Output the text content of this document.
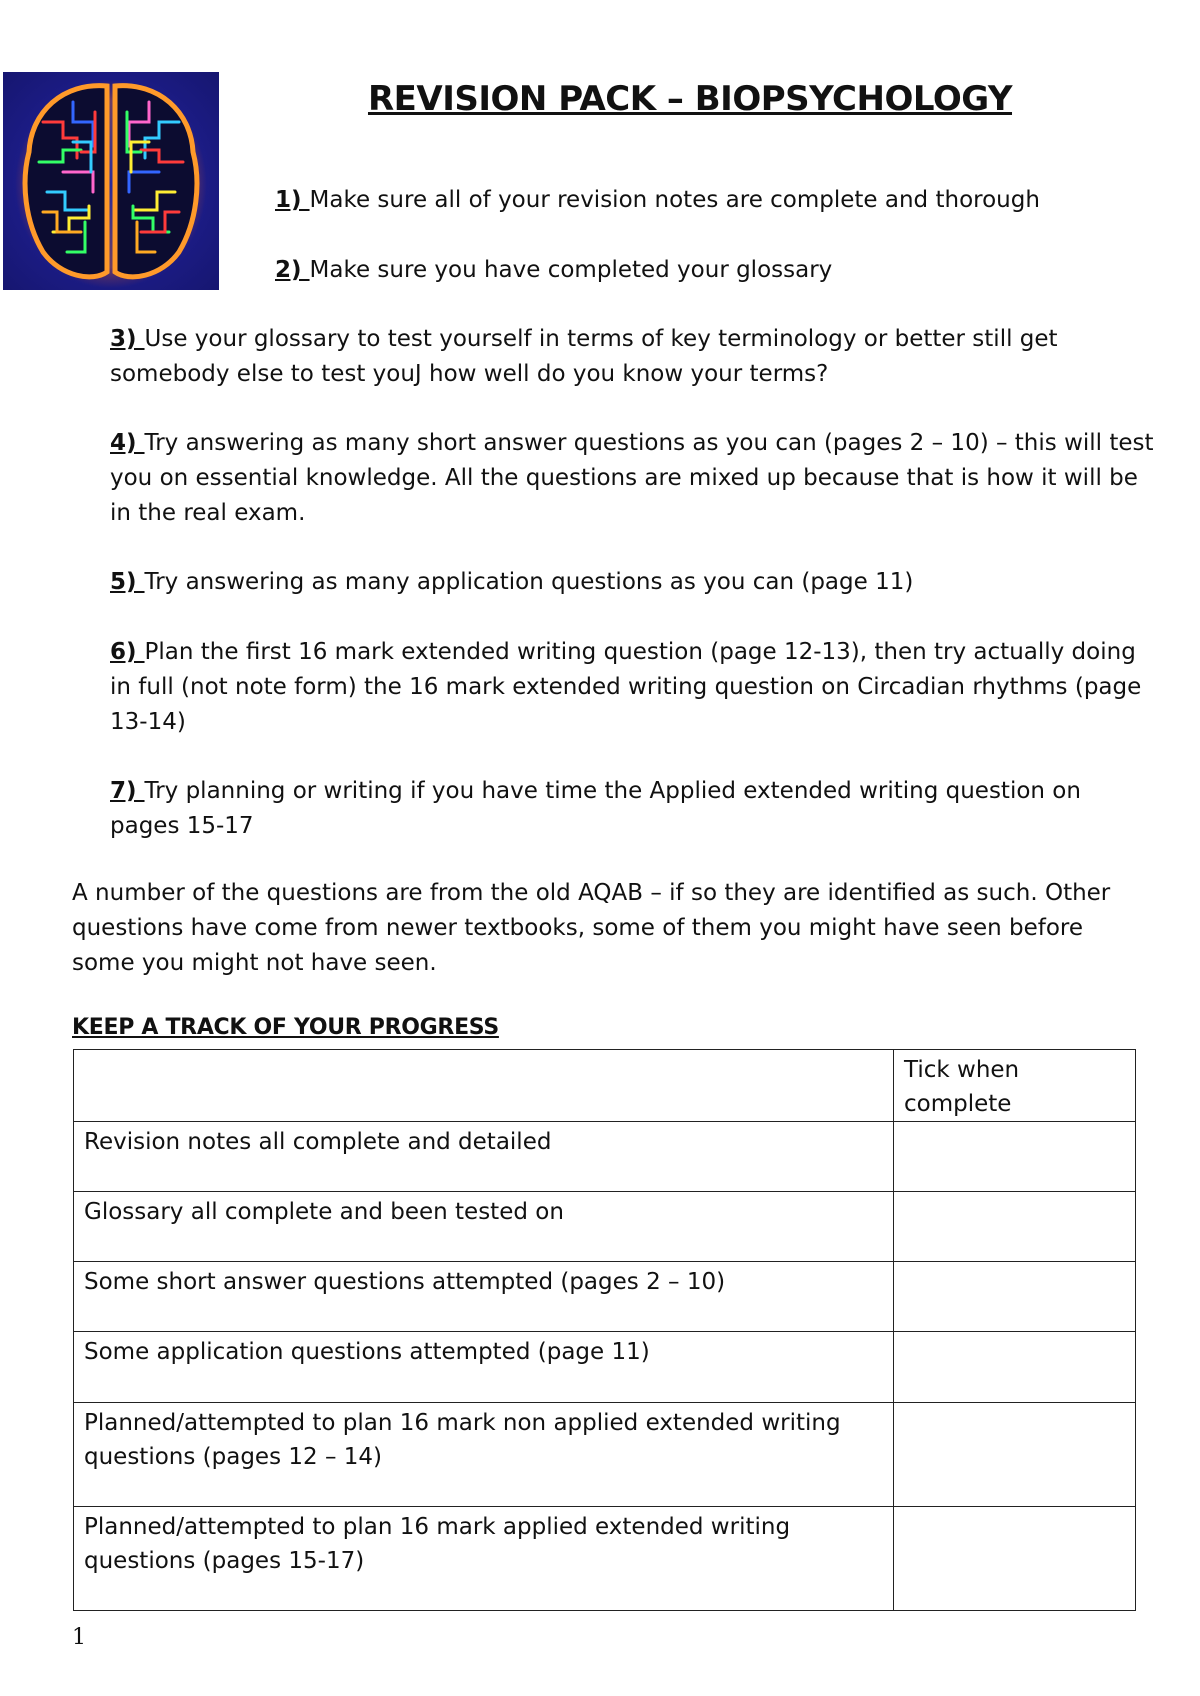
REVISION PACK – BIOPSYCHOLOGY
1) Make sure all of your revision notes are complete and thorough
2) Make sure you have completed your glossary
3) Use your glossary to test yourself in terms of key terminology or better still get somebody else to test youJ how well do you know your terms?
4) Try answering as many short answer questions as you can (pages 2 – 10) – this will test you on essential knowledge. All the questions are mixed up because that is how it will be in the real exam.
5) Try answering as many application questions as you can (page 11)
6) Plan the first 16 mark extended writing question (page 12-13), then try actually doing in full (not note form) the 16 mark extended writing question on Circadian rhythms (page 13-14)
7) Try planning or writing if you have time the Applied extended writing question on pages 15-17
A number of the questions are from the old AQAB – if so they are identified as such. Other questions have come from newer textbooks, some of them you might have seen before some you might not have seen.
KEEP A TRACK OF YOUR PROGRESS
	Tick when complete
Revision notes all complete and detailed	
Glossary all complete and been tested on	
Some short answer questions attempted (pages 2 – 10)	
Some application questions attempted (page 11)	
Planned/attempted to plan 16 mark non applied extended writing questions (pages 12 – 14)	
Planned/attempted to plan 16 mark applied extended writing questions (pages 15-17)	
1
